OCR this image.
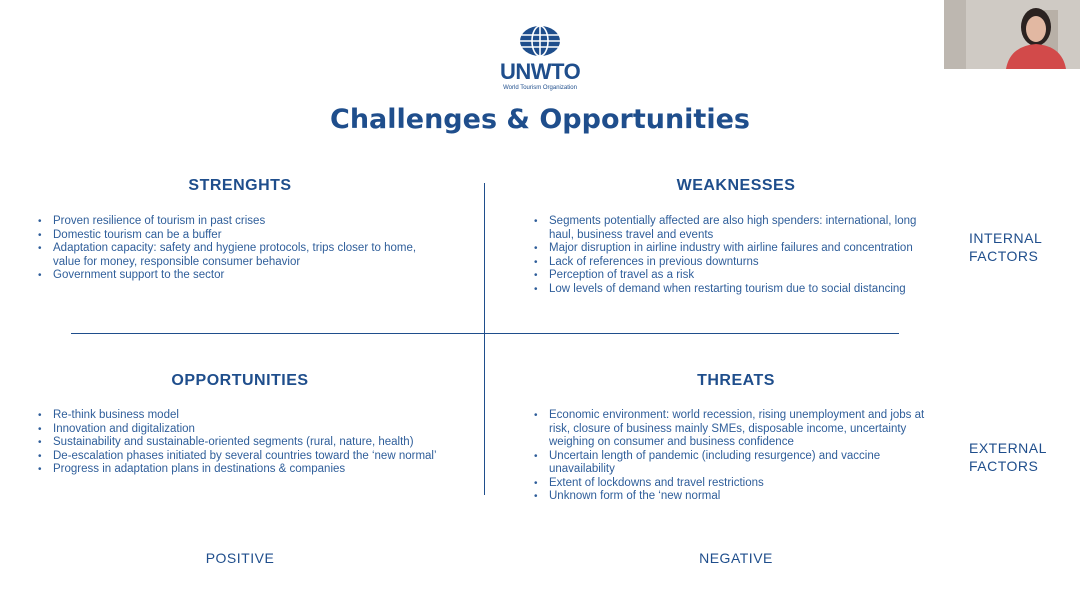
UNWTO
World Tourism Organization
Challenges & Opportunities
STRENGHTS	WEAKNESSES
OPPORTUNITIES	THREATS
• Proven resilience of tourism in past crises
• Domestic tourism can be a buffer
• Adaptation capacity: safety and hygiene protocols, trips closer to home, value for money, responsible consumer behavior
• Government support to the sector
• Segments potentially affected are also high spenders: international, long haul, business travel and events
• Major disruption in airline industry with airline failures and concentration
• Lack of references in previous downturns
• Perception of travel as a risk
• Low levels of demand when restarting tourism due to social distancing
• Re-think business model
• Innovation and digitalization
• Sustainability and sustainable-oriented segments (rural, nature, health)
• De-escalation phases initiated by several countries toward the ‘new normal’
• Progress in adaptation plans in destinations & companies
• Economic environment: world recession, rising unemployment and jobs at risk, closure of business mainly SMEs, disposable income, uncertainty weighing on consumer and business confidence
• Uncertain length of pandemic (including resurgence) and vaccine unavailability
• Extent of lockdowns and travel restrictions
• Unknown form of the ‘new normal
INTERNAL
FACTORS
EXTERNAL
FACTORS
POSITIVE	NEGATIVE
